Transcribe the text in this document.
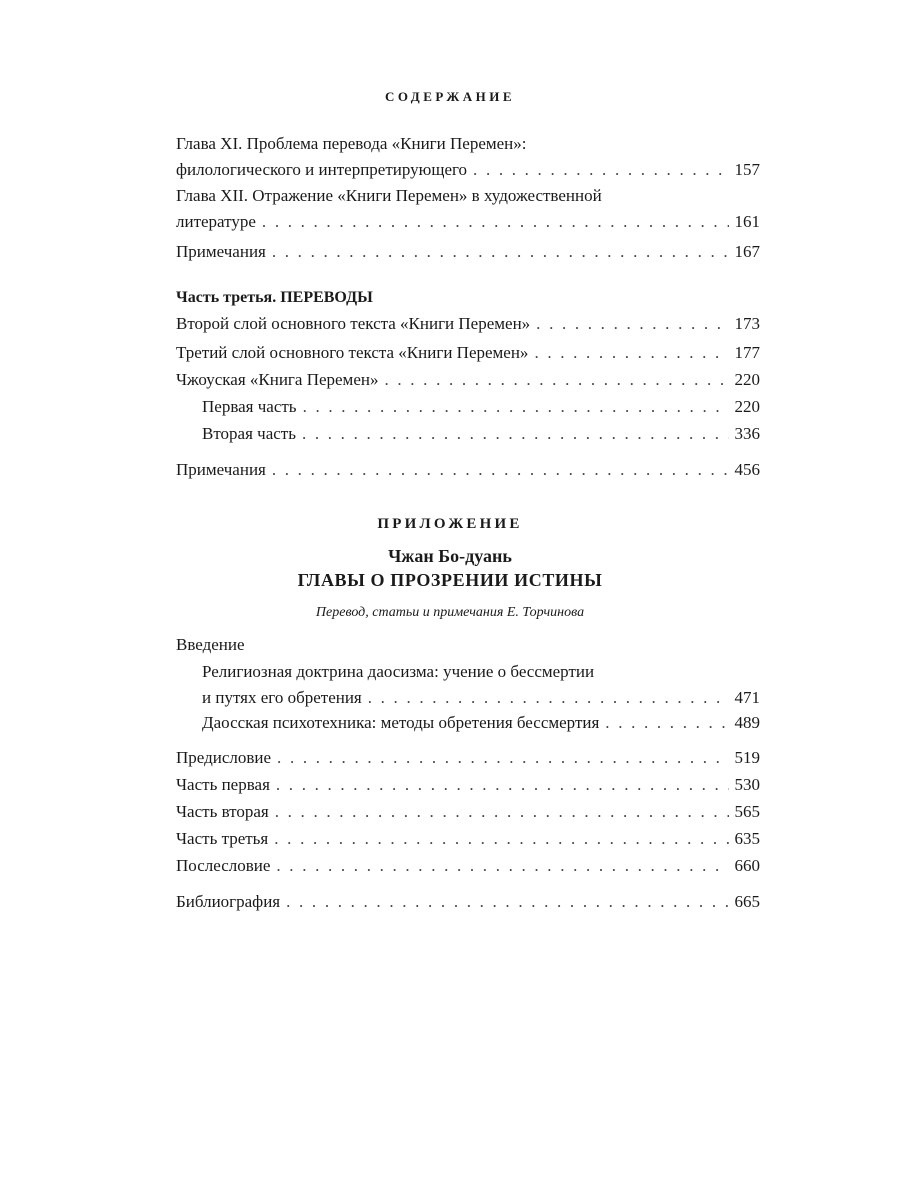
СОДЕРЖАНИЕ
Глава XI. Проблема перевода «Книги Перемен»:
филологического и интерпретирующего . . .	157
Глава XII. Отражение «Книги Перемен» в художественной
литературе . . .	161
Примечания . . .	167
Часть третья. ПЕРЕВОДЫ
Второй слой основного текста «Книги Перемен» . . .	173
Третий слой основного текста «Книги Перемен» . . .	177
Чжоуская «Книга Перемен» . . .	220
Первая часть . . .	220
Вторая часть . . .	336
Примечания . . .	456
ПРИЛОЖЕНИЕ
Чжан Бо-дуань
ГЛАВЫ О ПРОЗРЕНИИ ИСТИНЫ
Перевод, статьи и примечания Е. Торчинова
Введение
Религиозная доктрина даосизма: учение о бессмертии
и путях его обретения . . .	471
Даосская психотехника: методы обретения бессмертия . . .	489
Предисловие . . .	519
Часть первая . . .	530
Часть вторая . . .	565
Часть третья . . .	635
Послесловие . . .	660
Библиография . . .	665
